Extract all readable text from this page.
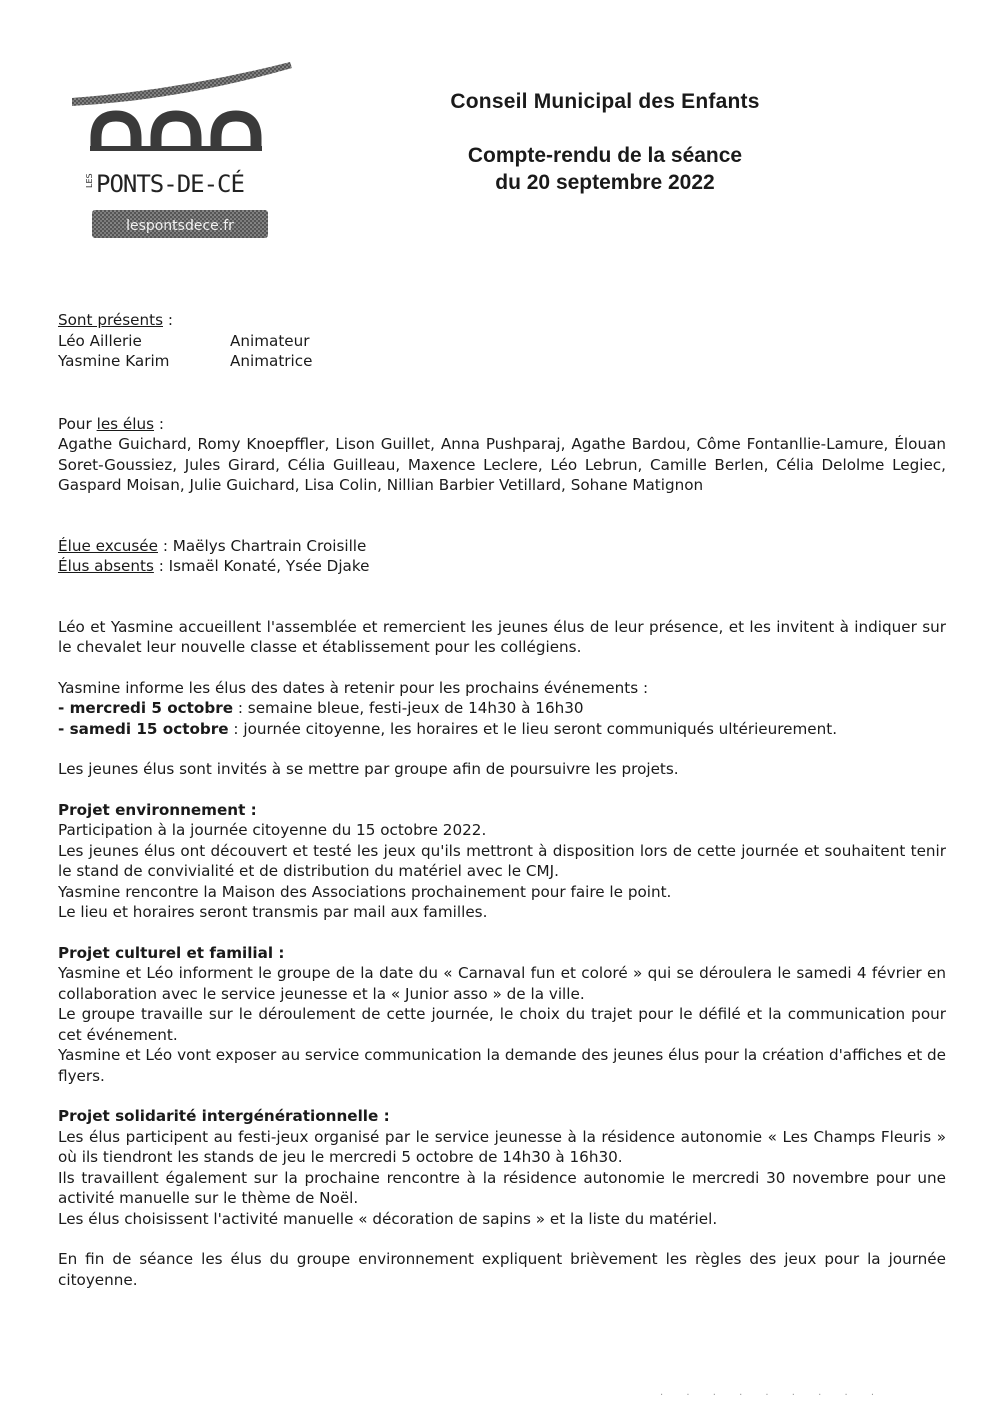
LES PONTS-DE-CÉ
lespontsdece.fr
Conseil Municipal des Enfants
Compte-rendu de la séance
du 20 septembre 2022
Sont présents :
Léo Aillerie	Animateur
Yasmine Karim	Animatrice
Pour les élus :
Agathe Guichard, Romy Knoepffler, Lison Guillet, Anna Pushparaj, Agathe Bardou, Côme Fontanllie-Lamure, Élouan Soret-Goussiez, Jules Girard, Célia Guilleau, Maxence Leclere, Léo Lebrun, Camille Berlen, Célia Delolme Legiec, Gaspard Moisan, Julie Guichard, Lisa Colin, Nillian Barbier Vetillard, Sohane Matignon
Élue excusée : Maëlys Chartrain Croisille
Élus absents : Ismaël Konaté, Ysée Djake
Léo et Yasmine accueillent l'assemblée et remercient les jeunes élus de leur présence, et les invitent à indiquer sur le chevalet leur nouvelle classe et établissement pour les collégiens.
Yasmine informe les élus des dates à retenir pour les prochains événements :
- mercredi 5 octobre : semaine bleue, festi-jeux de 14h30 à 16h30
- samedi 15 octobre : journée citoyenne, les horaires et le lieu seront communiqués ultérieurement.
Les jeunes élus sont invités à se mettre par groupe afin de poursuivre les projets.
Projet environnement :
Participation à la journée citoyenne du 15 octobre 2022.
Les jeunes élus ont découvert et testé les jeux qu'ils mettront à disposition lors de cette journée et souhaitent tenir le stand de convivialité et de distribution du matériel avec le CMJ.
Yasmine rencontre la Maison des Associations prochainement pour faire le point.
Le lieu et horaires seront transmis par mail aux familles.
Projet culturel et familial :
Yasmine et Léo informent le groupe de la date du « Carnaval fun et coloré » qui se déroulera le samedi 4 février en collaboration avec le service jeunesse et la « Junior asso » de la ville.
Le groupe travaille sur le déroulement de cette journée, le choix du trajet pour le défilé et la communication pour cet événement.
Yasmine et Léo vont exposer au service communication la demande des jeunes élus pour la création d'affiches et de flyers.
Projet solidarité intergénérationnelle :
Les élus participent au festi-jeux organisé par le service jeunesse à la résidence autonomie « Les Champs Fleuris » où ils tiendront les stands de jeu le mercredi 5 octobre de 14h30 à 16h30.
Ils travaillent également sur la prochaine rencontre à la résidence autonomie le mercredi 30 novembre pour une activité manuelle sur le thème de Noël.
Les élus choisissent l'activité manuelle « décoration de sapins » et la liste du matériel.
En fin de séance les élus du groupe environnement expliquent brièvement les règles des jeux pour la journée citoyenne.
· · · · · · · · ·
